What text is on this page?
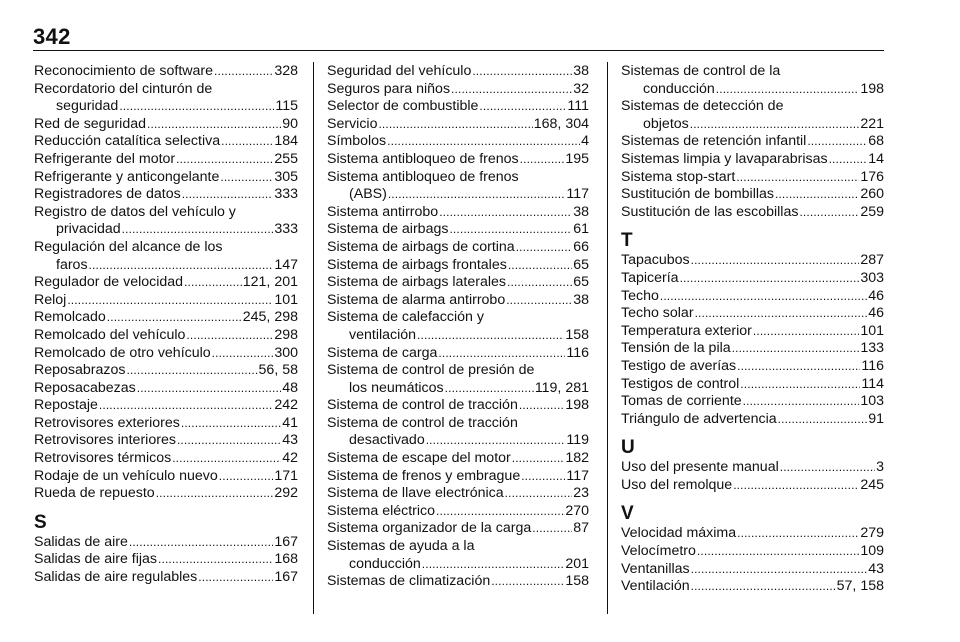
342
Reconocimiento de software . . .	328
Recordatorio del cinturón de
seguridad . . .	115
Red de seguridad . . .	90
Reducción catalítica selectiva . . .	184
Refrigerante del motor . . .	255
Refrigerante y anticongelante . . .	305
Registradores de datos . . .	333
Registro de datos del vehículo y
privacidad . . .	333
Regulación del alcance de los
faros . . .	147
Regulador de velocidad . . .	121, 201
Reloj . . .	101
Remolcado . . .	245, 298
Remolcado del vehículo . . .	298
Remolcado de otro vehículo . . .	300
Reposabrazos . . .	56, 58
Reposacabezas . . .	48
Repostaje . . .	242
Retrovisores exteriores . . .	41
Retrovisores interiores . . .	43
Retrovisores térmicos . . .	42
Rodaje de un vehículo nuevo . . .	171
Rueda de repuesto . . .	292
S
Salidas de aire . . .	167
Salidas de aire fijas . . .	168
Salidas de aire regulables . . .	167
Seguridad del vehículo . . .	38
Seguros para niños . . .	32
Selector de combustible . . .	111
Servicio . . .	168, 304
Símbolos . . .	4
Sistema antibloqueo de frenos . . .	195
Sistema antibloqueo de frenos
(ABS) . . .	117
Sistema antirrobo . . .	38
Sistema de airbags . . .	61
Sistema de airbags de cortina . . .	66
Sistema de airbags frontales . . .	65
Sistema de airbags laterales . . .	65
Sistema de alarma antirrobo . . .	38
Sistema de calefacción y
ventilación . . .	158
Sistema de carga . . .	116
Sistema de control de presión de
los neumáticos . . .	119, 281
Sistema de control de tracción . . .	198
Sistema de control de tracción
desactivado . . .	119
Sistema de escape del motor . . .	182
Sistema de frenos y embrague . . .	117
Sistema de llave electrónica . . .	23
Sistema eléctrico . . .	270
Sistema organizador de la carga . . .	87
Sistemas de ayuda a la
conducción . . .	201
Sistemas de climatización . . .	158
Sistemas de control de la
conducción . . .	198
Sistemas de detección de
objetos . . .	221
Sistemas de retención infantil . . .	68
Sistemas limpia y lavaparabrisas . . .	14
Sistema stop-start . . .	176
Sustitución de bombillas . . .	260
Sustitución de las escobillas . . .	259
T
Tapacubos . . .	287
Tapicería . . .	303
Techo . . .	46
Techo solar . . .	46
Temperatura exterior . . .	101
Tensión de la pila . . .	133
Testigo de averías . . .	116
Testigos de control . . .	114
Tomas de corriente . . .	103
Triángulo de advertencia . . .	91
U
Uso del presente manual . . .	3
Uso del remolque . . .	245
V
Velocidad máxima . . .	279
Velocímetro . . .	109
Ventanillas . . .	43
Ventilación . . .	57, 158
